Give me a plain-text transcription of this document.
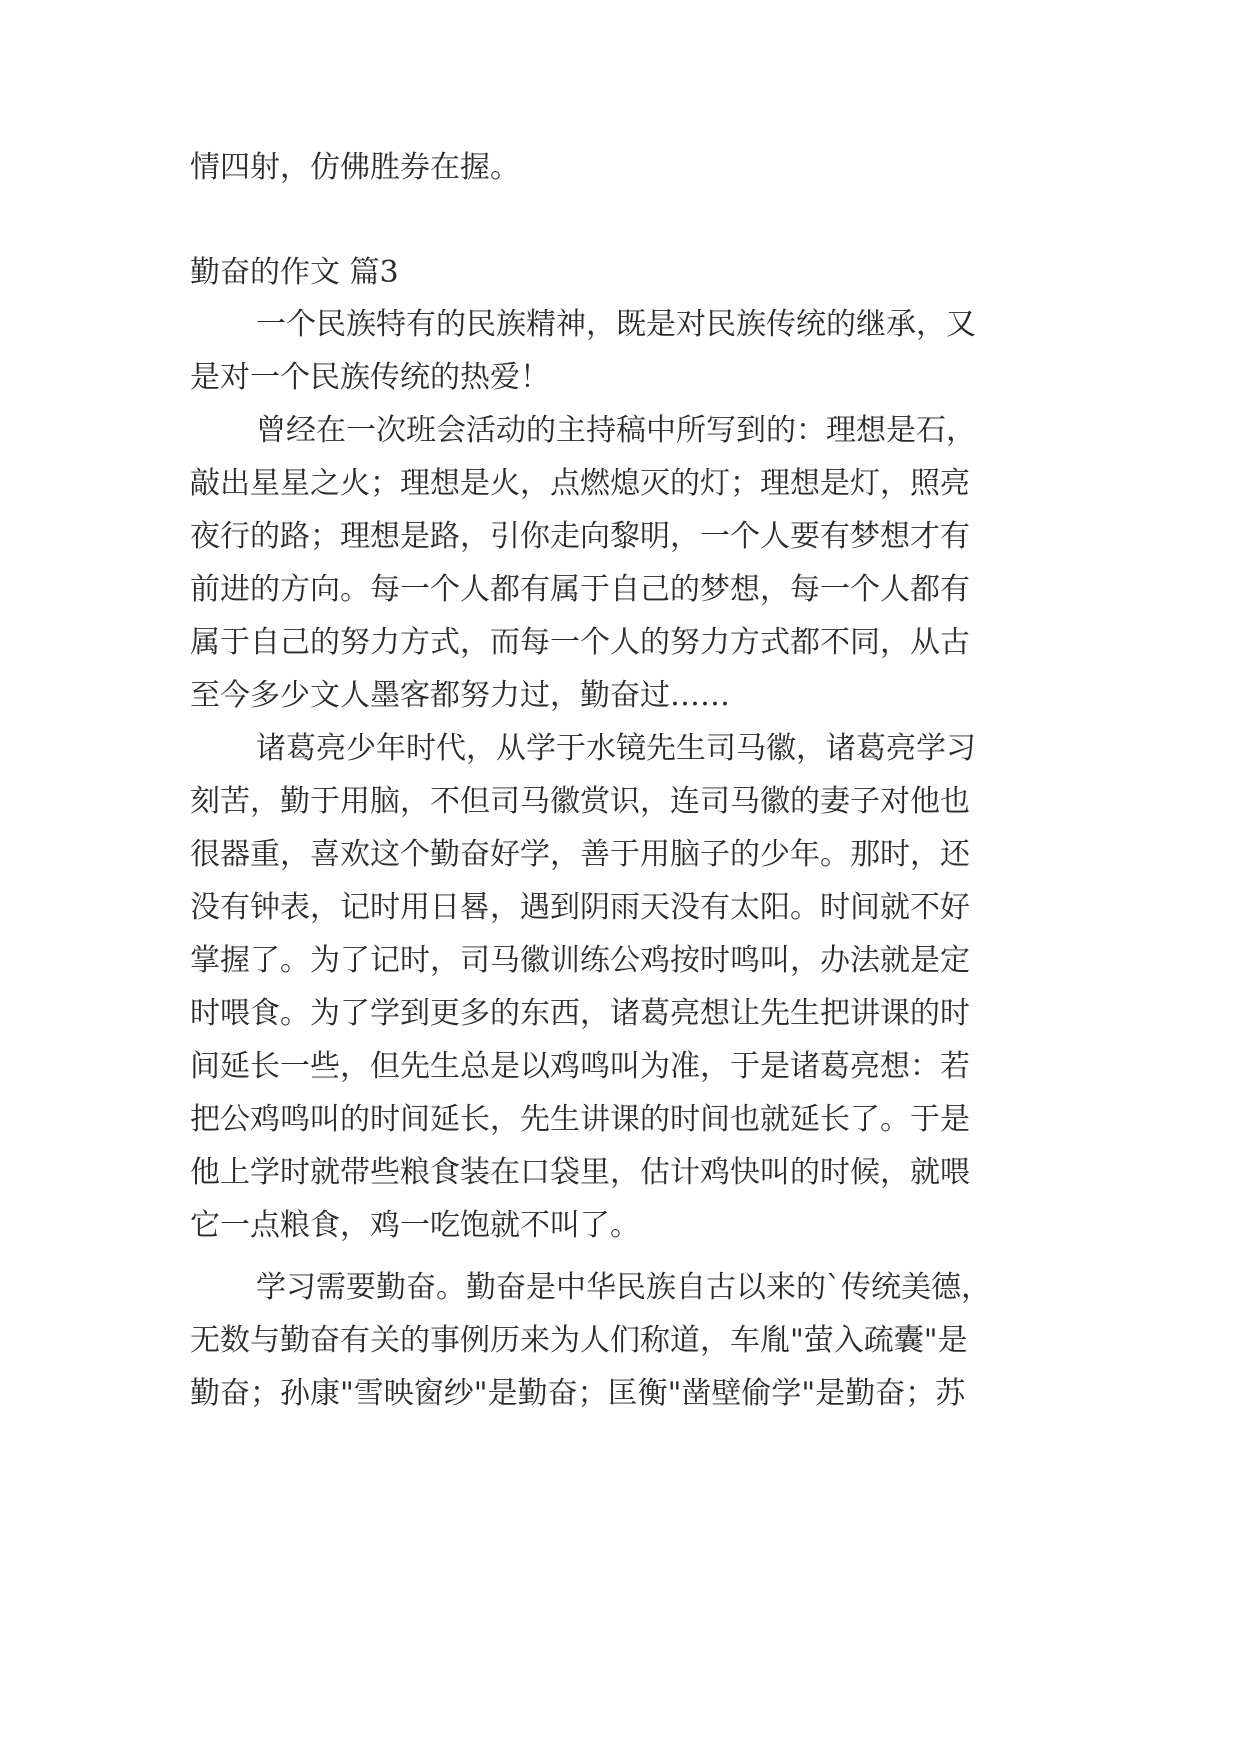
情四射，仿佛胜券在握。
勤奋的作文 篇3
一个民族特有的民族精神，既是对民族传统的继承，又
是对一个民族传统的热爱！
曾经在一次班会活动的主持稿中所写到的：理想是石，
敲出星星之火；理想是火，点燃熄灭的灯；理想是灯，照亮
夜行的路；理想是路，引你走向黎明，一个人要有梦想才有
前进的方向。每一个人都有属于自己的梦想，每一个人都有
属于自己的努力方式，而每一个人的努力方式都不同，从古
至今多少文人墨客都努力过，勤奋过……
诸葛亮少年时代，从学于水镜先生司马徽，诸葛亮学习
刻苦，勤于用脑，不但司马徽赏识，连司马徽的妻子对他也
很器重，喜欢这个勤奋好学，善于用脑子的少年。那时，还
没有钟表，记时用日晷，遇到阴雨天没有太阳。时间就不好
掌握了。为了记时，司马徽训练公鸡按时鸣叫，办法就是定
时喂食。为了学到更多的东西，诸葛亮想让先生把讲课的时
间延长一些，但先生总是以鸡鸣叫为准，于是诸葛亮想：若
把公鸡鸣叫的时间延长，先生讲课的时间也就延长了。于是
他上学时就带些粮食装在口袋里，估计鸡快叫的时候，就喂
它一点粮食，鸡一吃饱就不叫了。
学习需要勤奋。勤奋是中华民族自古以来的`传统美德，
无数与勤奋有关的事例历来为人们称道，车胤"萤入疏囊"是
勤奋；孙康"雪映窗纱"是勤奋；匡衡"凿壁偷学"是勤奋；苏
